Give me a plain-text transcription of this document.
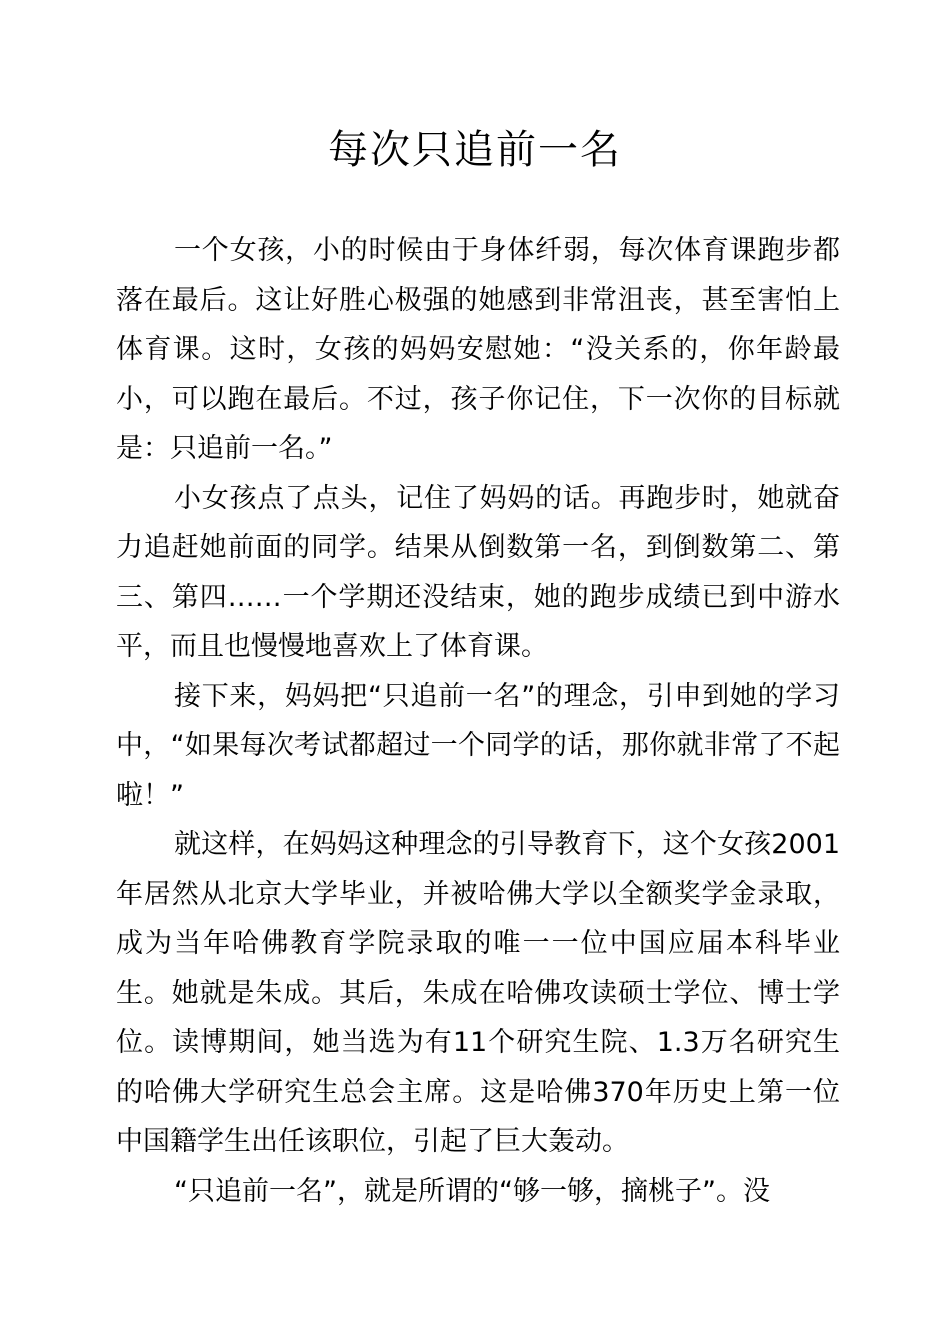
每次只追前一名

一个女孩，小的时候由于身体纤弱，每次体育课跑步都落在最后。这让好胜心极强的她感到非常沮丧，甚至害怕上体育课。这时，女孩的妈妈安慰她：“没关系的，你年龄最小，可以跑在最后。不过，孩子你记住，下一次你的目标就是：只追前一名。”

小女孩点了点头，记住了妈妈的话。再跑步时，她就奋力追赶她前面的同学。结果从倒数第一名，到倒数第二、第三、第四……一个学期还没结束，她的跑步成绩已到中游水平，而且也慢慢地喜欢上了体育课。

接下来，妈妈把“只追前一名”的理念，引申到她的学习中，“如果每次考试都超过一个同学的话，那你就非常了不起啦！”

就这样，在妈妈这种理念的引导教育下，这个女孩2001年居然从北京大学毕业，并被哈佛大学以全额奖学金录取，成为当年哈佛教育学院录取的唯一一位中国应届本科毕业生。她就是朱成。其后，朱成在哈佛攻读硕士学位、博士学位。读博期间，她当选为有11个研究生院、1.3万名研究生的哈佛大学研究生总会主席。这是哈佛370年历史上第一位中国籍学生出任该职位，引起了巨大轰动。

“只追前一名”，就是所谓的“够一够，摘桃子”。没
